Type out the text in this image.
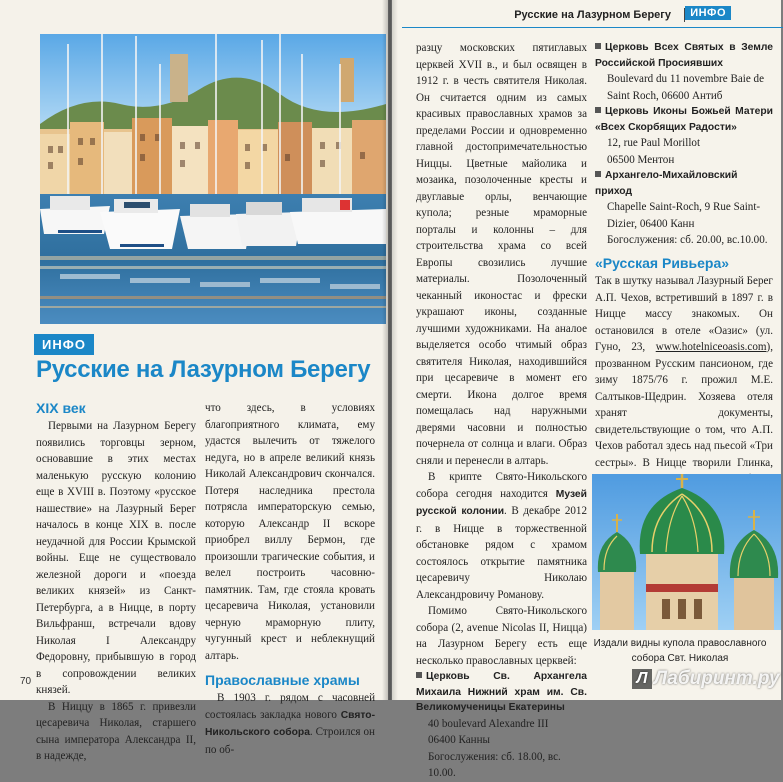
ИНФО
Русские на Лазурном Берегу
XIX век

Первыми на Лазурном Берегу появились торговцы зерном, основавшие в этих местах маленькую русскую колонию еще в XVIII в. Поэтому «русское нашествие» на Лазурный Берег началось в конце XIX в. после неудачной для России Крымской войны. Еще не существовало железной дороги и «поезда великих князей» из Санкт-Петербурга, а в Ницце, в порту Вильфранш, встречали вдову Николая I Александру Федоровну, прибывшую в город в сопровождении великих князей.

В Ниццу в 1865 г. привезли цесаревича Николая, старшего сына императора Александра II, в надежде,

что здесь, в условиях благоприятного климата, ему удастся вылечить от тяжелого недуга, но в апреле великий князь Николай Александрович скончался. Потеря наследника престола потрясла императорскую семью, которую Александр II вскоре приобрел виллу Бермон, где произошли трагические события, и велел построить часовню-памятник. Там, где стояла кровать цесаревича Николая, установили черную мраморную плиту, чугунный крест и неблекнущий алтарь.

Православные храмы

В 1903 г. рядом с часовней состоялась закладка нового Свято-Никольского собора. Строился он по об-

70
Русские на Лазурном Берегу	ИНФО

разцу московских пятиглавых церквей XVII в., и был освящен в 1912 г. в честь святителя Николая. Он считается одним из самых красивых православных храмов за пределами России и одновременно главной достопримечательностью Ниццы. Цветные майолика и мозаика, позолоченные кресты и двуглавые орлы, венчающие купола; резные мраморные порталы и колонны – для строительства храма со всей Европы свозились лучшие материалы. Позолоченный чеканный иконостас и фрески украшают иконы, созданные лучшими художниками. На аналое выделяется особо чтимый образ святителя Николая, находившийся при цесаревиче в момент его смерти. Икона долгое время помещалась над наружными дверями часовни и полностью почернела от солнца и влаги. Образ сняли и перенесли в алтарь.

В крипте Свято-Никольского собора сегодня находится Музей русской колонии. В декабре 2012 г. в Ницце в торжественной обстановке рядом с храмом состоялось открытие памятника цесаревичу Николаю Александровичу Романову.

Помимо Свято-Никольского собора (2, avenue Nicolas II, Ницца) на Лазурном Берегу есть еще несколько православных церквей:

Церковь Св. Архангела Михаила Нижний храм им. Св. Великомученицы Екатерины
40 boulevard Alexandre III
06400 Канны
Богослужения: сб. 18.00, вс. 10.00.
Церковь Всех Святых в Земле Российской Просиявших
Boulevard du 11 novembre Baie de Saint Roch, 06600 Антиб
Церковь Иконы Божьей Матери «Всех Скорбящих Радости»
12, rue Paul Morillot
06500 Ментон
Архангело-Михайловский приход
Chapelle Saint-Roch, 9 Rue Saint-Dizier, 06400 Канн
Богослужения: сб. 20.00, вс.10.00.
«Русская Ривьера»

Так в шутку называл Лазурный Берег А.П. Чехов, встретивший в 1897 г. в Ницце массу знакомых. Он остановился в отеле «Оазис» (ул. Гуно, 23, www.hotelniceoasis.com), прозванном Русским пансионом, где зиму 1875/76 г. прожил М.Е. Салтыков-Щедрин. Хозяева отеля хранят документы, свидетельствующие о том, что А.П. Чехов работал здесь над пьесой «Три сестры». В Ницце творили Глинка,

Издали видны купола православного собора Свт. Николая
Л Лабиринт.ру
